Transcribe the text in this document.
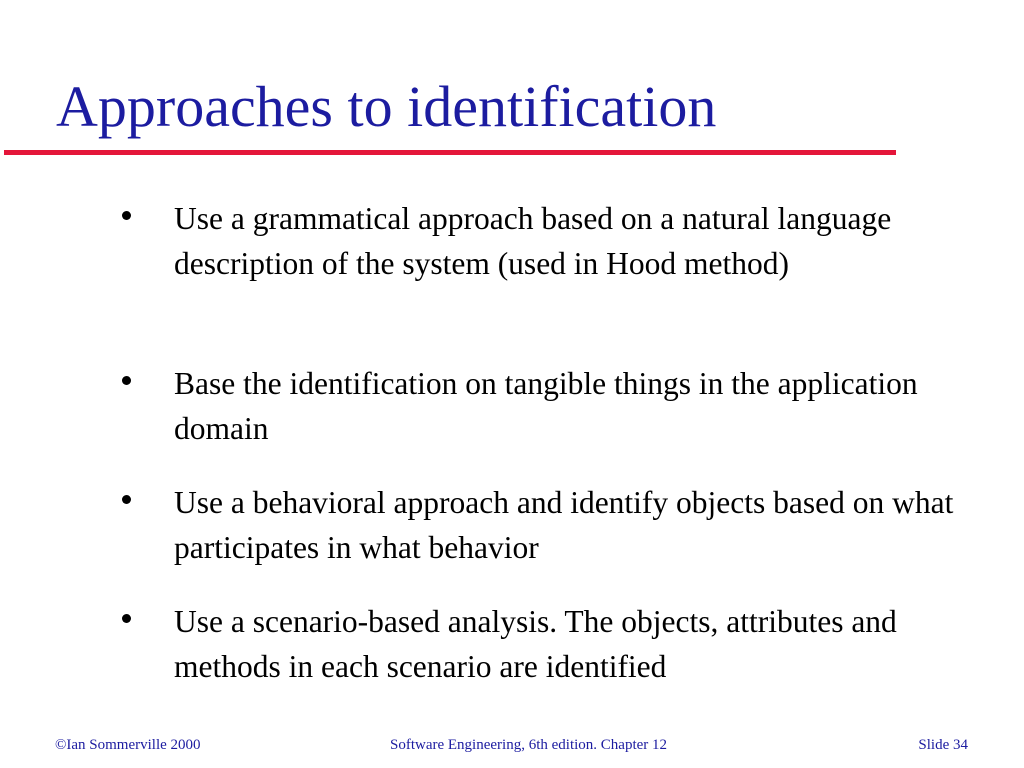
Approaches to identification
Use a grammatical approach based on a natural language description of the system (used in Hood method)
Base the identification on tangible things in the application domain
Use a behavioral approach and identify objects based on what participates in what behavior
Use a scenario-based analysis. The objects, attributes and methods in each scenario are identified
©Ian Sommerville 2000	Software Engineering, 6th edition. Chapter 12	Slide 34
